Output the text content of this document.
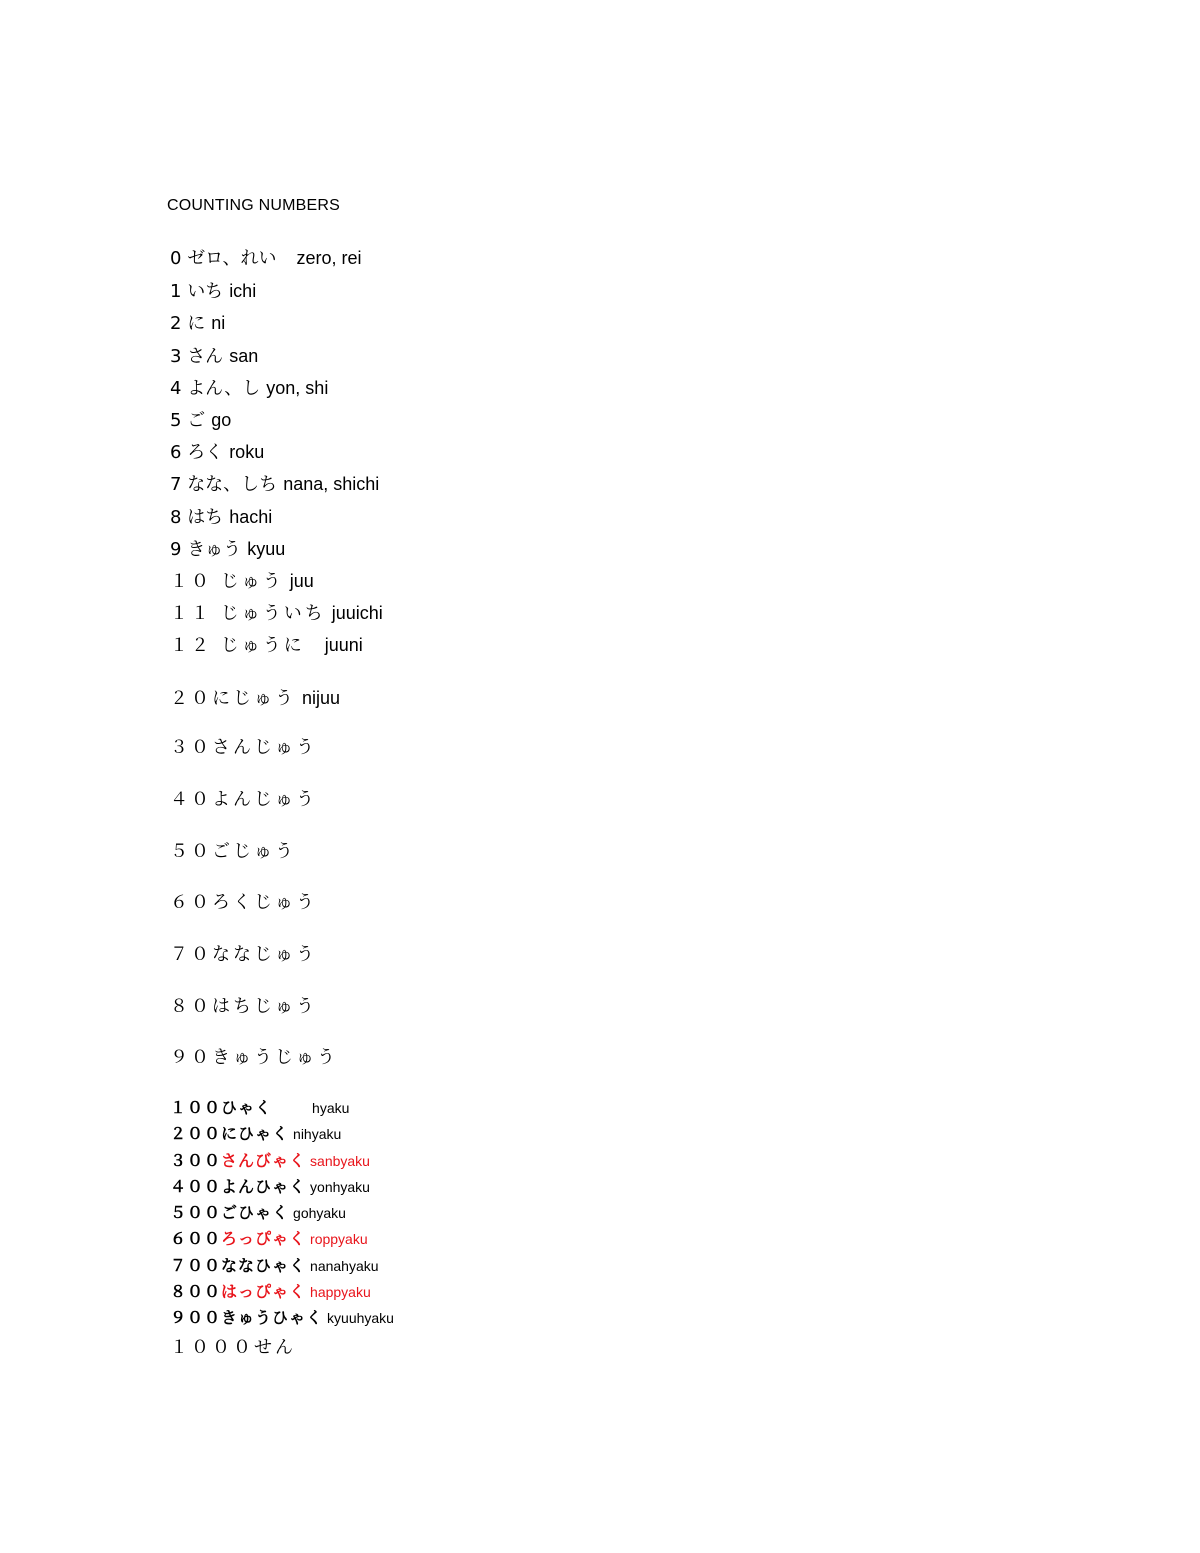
COUNTING NUMBERS
0 ゼロ、れい zero, rei
1 いち ichi
2 に ni
3 さん san
4 よん、し yon, shi
5 ご go
6 ろく roku
7 なな、しち nana, shichi
8 はち hachi
9 きゅう kyuu
１０ じゅう juu
１１ じゅういち juuichi
１２ じゅうに juuni
２０にじゅう nijuu
３０さんじゅう
４０よんじゅう
５０ごじゅう
６０ろくじゅう
７０ななじゅう
８０はちじゅう
９０きゅうじゅう
１００ひゃく	hyaku
２００にひゃく nihyaku
３００さんびゃく sanbyaku
４００よんひゃく yonhyaku
５００ごひゃく gohyaku
６００ろっぴゃく roppyaku
７００ななひゃく nanahyaku
８００はっぴゃく happyaku
９００きゅうひゃく kyuuhyaku
１０００せん
